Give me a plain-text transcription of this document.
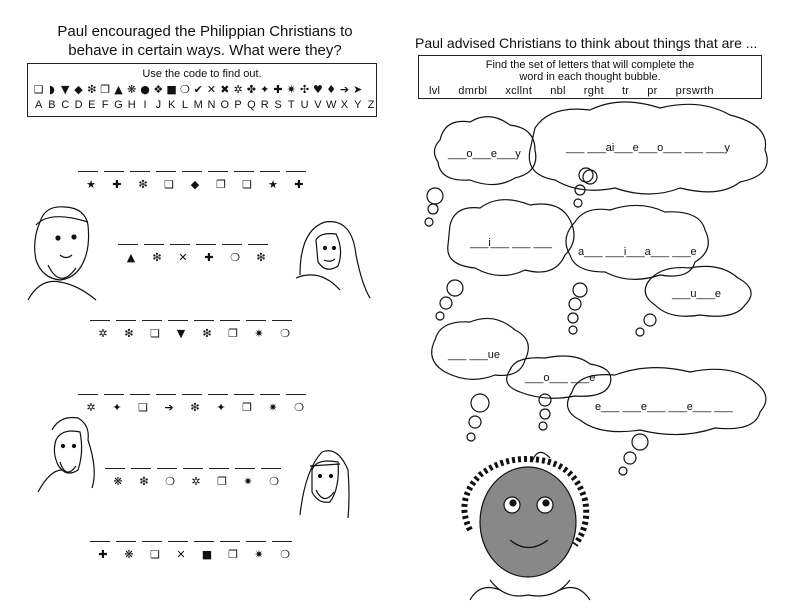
Paul encouraged the Philippian Christians to
behave in certain ways. What were they?
Use the code to find out.
❏ ◗ ▼ ◆ ❇ ❐ ▲ ❋ ● ❖ ■ ❍ ✔ ✕ ✖ ✲ ✤ ✦ ✚ ✷ ✣ ♥ ♦ ➔ ➤
A B C D E F G H I J K L M N O P Q R S T U V W X Y Z
★	✚	❇	❏	◆	❐	❏	★	✚
▲	❇	✕	✚	❍	❇
✲	❇	❏	▼	❇	❐	✷	❍
✲	✦	❏	➔	❇	✦	❐	✷	❍
❋	❇	❍	✲	❐	✷	❍
✚	❋	❏	✕	■	❐	✷	❍
Paul advised Christians to think about things that are ...
Find the set of letters that will complete the
word in each thought bubble.
lvl dmrbl xcllnt nbl rght tr pr prswrth
___o___e___y	___ ___ai___e___o___ ___ ___y
___i___ ___ ___
a___ ___i___a___ ___e
___u___e
___ ___ue
___o___ ___e
e___ ___e___ ___e___ ___
